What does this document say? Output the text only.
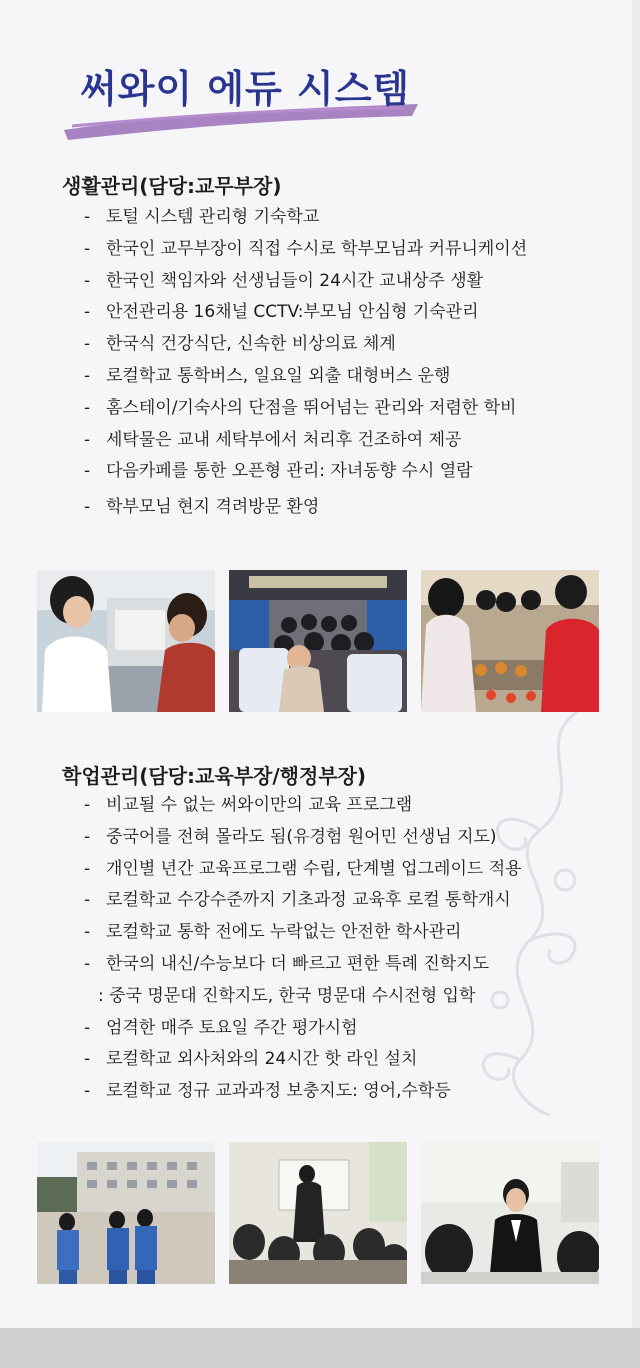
써와이 에듀 시스템
생활관리(담당:교무부장)
- 토털 시스템 관리형 기숙학교
- 한국인 교무부장이 직접 수시로 학부모님과 커뮤니케이션
- 한국인 책임자와 선생님들이 24시간 교내상주 생활
- 안전관리용 16채널 CCTV:부모님 안심형 기숙관리
- 한국식 건강식단, 신속한 비상의료 체계
- 로컬학교 통학버스, 일요일 외출 대형버스 운행
- 홈스테이/기숙사의 단점을 뛰어넘는 관리와 저렴한 학비
- 세탁물은 교내 세탁부에서 처리후 건조하여 제공
- 다음카페를 통한 오픈형 관리: 자녀동향 수시 열람
- 학부모님 현지 격려방문 환영
학업관리(담당:교육부장/행정부장)
- 비교될 수 없는 써와이만의 교육 프로그램
- 중국어를 전혀 몰라도 됨(유경험 원어민 선생님 지도)
- 개인별 년간 교육프로그램 수립, 단계별 업그레이드 적용
- 로컬학교 수강수준까지 기초과정 교육후 로컬 통학개시
- 로컬학교 통학 전에도 누락없는 안전한 학사관리
- 한국의 내신/수능보다 더 빠르고 편한 특례 진학지도
: 중국 명문대 진학지도, 한국 명문대 수시전형 입학
- 엄격한 매주 토요일 주간 평가시험
- 로컬학교 외사처와의 24시간 핫 라인 설치
- 로컬학교 정규 교과과정 보충지도: 영어,수학등
